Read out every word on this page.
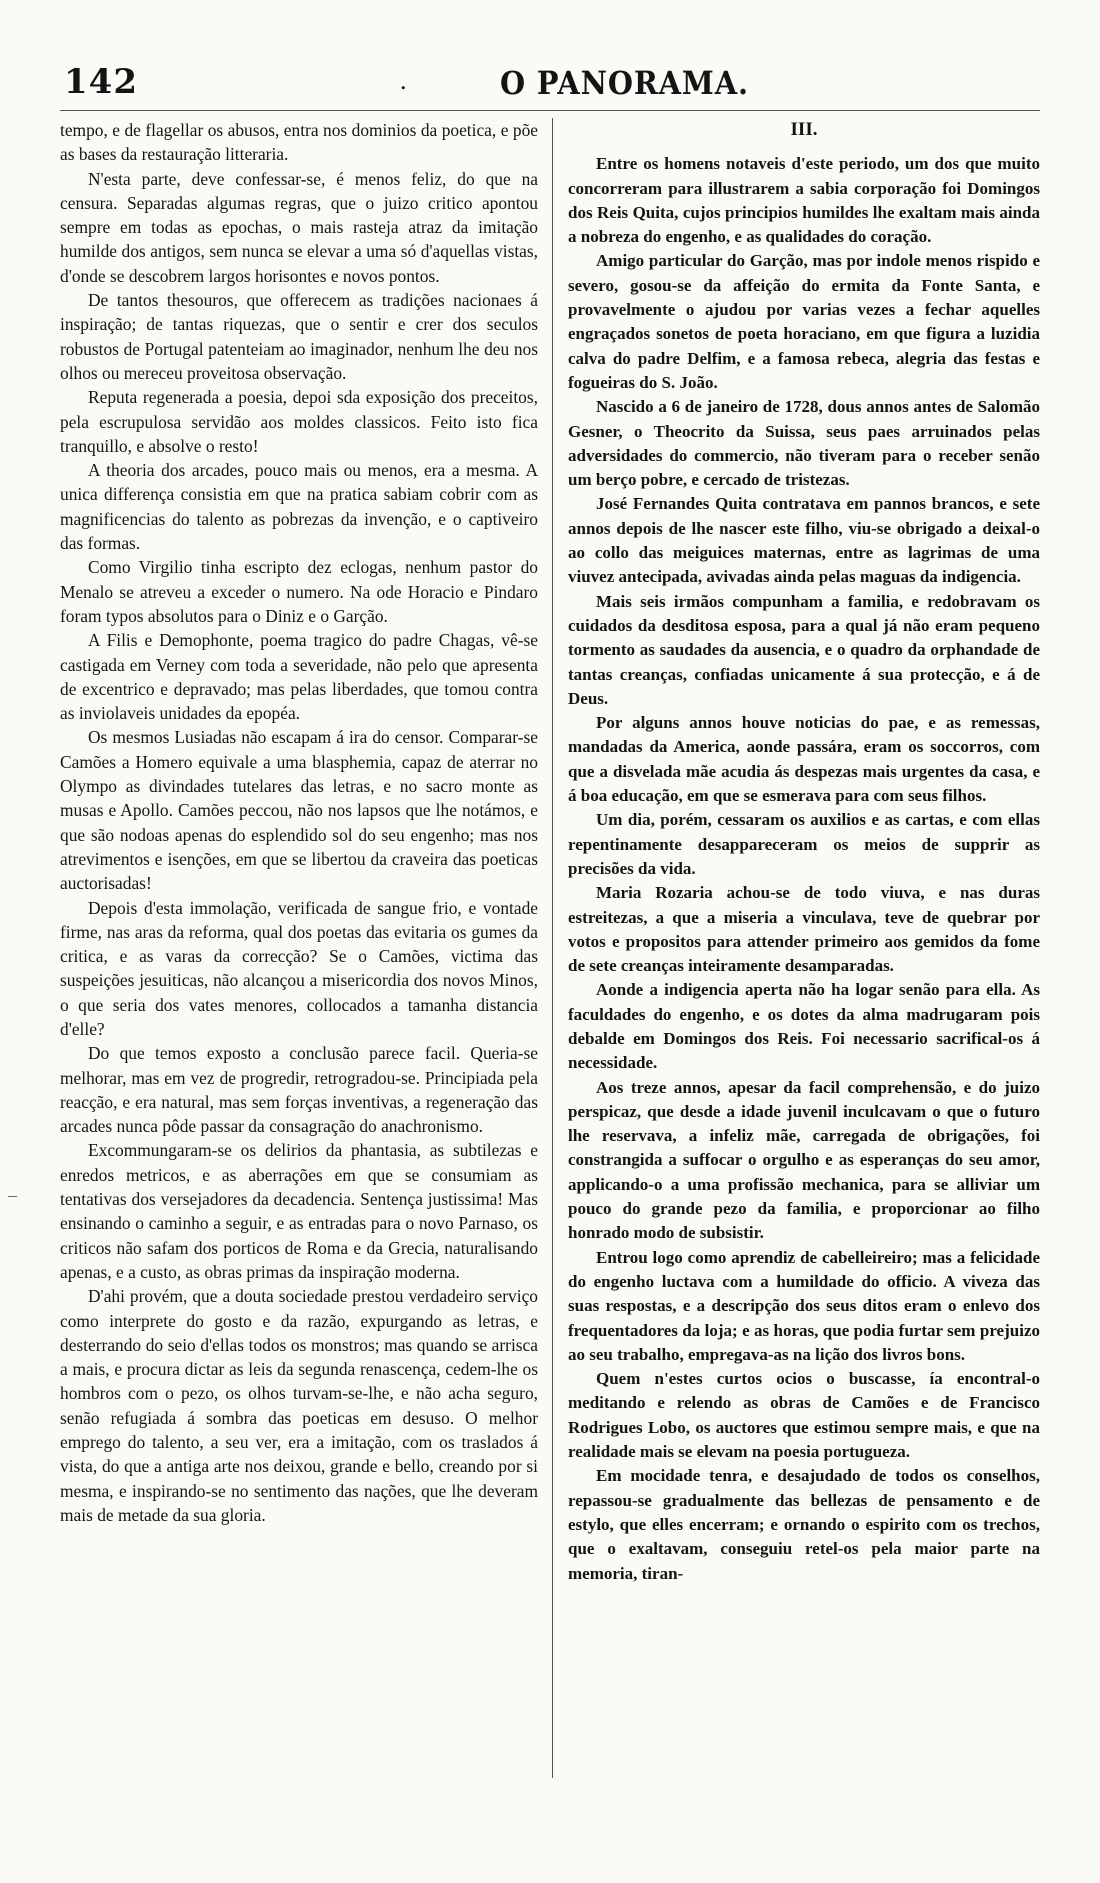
142	.	O PANORAMA.

tempo, e de flagellar os abusos, entra nos dominios da poetica, e põe as bases da restauração litteraria.

N'esta parte, deve confessar-se, é menos feliz, do que na censura. Separadas algumas regras, que o juizo critico apontou sempre em todas as epochas, o mais rasteja atraz da imitação humilde dos antigos, sem nunca se elevar a uma só d'aquellas vistas, d'onde se descobrem largos horisontes e novos pontos.

De tantos thesouros, que offerecem as tradições nacionaes á inspiração; de tantas riquezas, que o sentir e crer dos seculos robustos de Portugal patenteiam ao imaginador, nenhum lhe deu nos olhos ou mereceu proveitosa observação.

Reputa regenerada a poesia, depoi sda exposição dos preceitos, pela escrupulosa servidão aos moldes classicos. Feito isto fica tranquillo, e absolve o resto!

A theoria dos arcades, pouco mais ou menos, era a mesma. A unica differença consistia em que na pratica sabiam cobrir com as magnificencias do talento as pobrezas da invenção, e o captiveiro das formas.

Como Virgilio tinha escripto dez eclogas, nenhum pastor do Menalo se atreveu a exceder o numero. Na ode Horacio e Pindaro foram typos absolutos para o Diniz e o Garção.

A Filis e Demophonte, poema tragico do padre Chagas, vê-se castigada em Verney com toda a severidade, não pelo que apresenta de excentrico e depravado; mas pelas liberdades, que tomou contra as inviolaveis unidades da epopéa.

Os mesmos Lusiadas não escapam á ira do censor. Comparar-se Camões a Homero equivale a uma blasphemia, capaz de aterrar no Olympo as divindades tutelares das letras, e no sacro monte as musas e Apollo. Camões peccou, não nos lapsos que lhe notámos, e que são nodoas apenas do esplendido sol do seu engenho; mas nos atrevimentos e isenções, em que se libertou da craveira das poeticas auctorisadas!

Depois d'esta immolação, verificada de sangue frio, e vontade firme, nas aras da reforma, qual dos poetas das evitaria os gumes da critica, e as varas da correcção? Se o Camões, victima das suspeições jesuiticas, não alcançou a misericordia dos novos Minos, o que seria dos vates menores, collocados a tamanha distancia d'elle?

Do que temos exposto a conclusão parece facil. Queria-se melhorar, mas em vez de progredir, retrogradou-se. Principiada pela reacção, e era natural, mas sem forças inventivas, a regeneração das arcades nunca pôde passar da consagração do anachronismo.

Excommungaram-se os delirios da phantasia, as subtilezas e enredos metricos, e as aberrações em que se consumiam as tentativas dos versejadores da decadencia. Sentença justissima! Mas ensinando o caminho a seguir, e as entradas para o novo Parnaso, os criticos não safam dos porticos de Roma e da Grecia, naturalisando apenas, e a custo, as obras primas da inspiração moderna.

D'ahi provém, que a douta sociedade prestou verdadeiro serviço como interprete do gosto e da razão, expurgando as letras, e desterrando do seio d'ellas todos os monstros; mas quando se arrisca a mais, e procura dictar as leis da segunda renascença, cedem-lhe os hombros com o pezo, os olhos turvam-se-lhe, e não acha seguro, senão refugiada á sombra das poeticas em desuso. O melhor emprego do talento, a seu ver, era a imitação, com os traslados á vista, do que a antiga arte nos deixou, grande e bello, creando por si mesma, e inspirando-se no sentimento das nações, que lhe deveram mais de metade da sua gloria.

III.

Entre os homens notaveis d'este periodo, um dos que muito concorreram para illustrarem a sabia corporação foi Domingos dos Reis Quita, cujos principios humildes lhe exaltam mais ainda a nobreza do engenho, e as qualidades do coração.

Amigo particular do Garção, mas por indole menos rispido e severo, gosou-se da affeição do ermita da Fonte Santa, e provavelmente o ajudou por varias vezes a fechar aquelles engraçados sonetos de poeta horaciano, em que figura a luzidia calva do padre Delfim, e a famosa rebeca, alegria das festas e fogueiras do S. João.

Nascido a 6 de janeiro de 1728, dous annos antes de Salomão Gesner, o Theocrito da Suissa, seus paes arruinados pelas adversidades do commercio, não tiveram para o receber senão um berço pobre, e cercado de tristezas.

José Fernandes Quita contratava em pannos brancos, e sete annos depois de lhe nascer este filho, viu-se obrigado a deixal-o ao collo das meiguices maternas, entre as lagrimas de uma viuvez antecipada, avivadas ainda pelas maguas da indigencia.

Mais seis irmãos compunham a familia, e redobravam os cuidados da desditosa esposa, para a qual já não eram pequeno tormento as saudades da ausencia, e o quadro da orphandade de tantas creanças, confiadas unicamente á sua protecção, e á de Deus.

Por alguns annos houve noticias do pae, e as remessas, mandadas da America, aonde passára, eram os soccorros, com que a disvelada mãe acudia ás despezas mais urgentes da casa, e á boa educação, em que se esmerava para com seus filhos.

Um dia, porém, cessaram os auxilios e as cartas, e com ellas repentinamente desappareceram os meios de supprir as precisões da vida.

Maria Rozaria achou-se de todo viuva, e nas duras estreitezas, a que a miseria a vinculava, teve de quebrar por votos e propositos para attender primeiro aos gemidos da fome de sete creanças inteiramente desamparadas.

Aonde a indigencia aperta não ha logar senão para ella. As faculdades do engenho, e os dotes da alma madrugaram pois debalde em Domingos dos Reis. Foi necessario sacrifical-os á necessidade.

Aos treze annos, apesar da facil comprehensão, e do juizo perspicaz, que desde a idade juvenil inculcavam o que o futuro lhe reservava, a infeliz mãe, carregada de obrigações, foi constrangida a suffocar o orgulho e as esperanças do seu amor, applicando-o a uma profissão mechanica, para se alliviar um pouco do grande pezo da familia, e proporcionar ao filho honrado modo de subsistir.

Entrou logo como aprendiz de cabelleireiro; mas a felicidade do engenho luctava com a humildade do officio. A viveza das suas respostas, e a descripção dos seus ditos eram o enlevo dos frequentadores da loja; e as horas, que podia furtar sem prejuizo ao seu trabalho, empregava-as na lição dos livros bons.

Quem n'estes curtos ocios o buscasse, ía encontral-o meditando e relendo as obras de Camões e de Francisco Rodrigues Lobo, os auctores que estimou sempre mais, e que na realidade mais se elevam na poesia portugueza.

Em mocidade tenra, e desajudado de todos os conselhos, repassou-se gradualmente das bellezas de pensamento e de estylo, que elles encerram; e ornando o espirito com os trechos, que o exaltavam, conseguiu retel-os pela maior parte na memoria, tiran-

–
